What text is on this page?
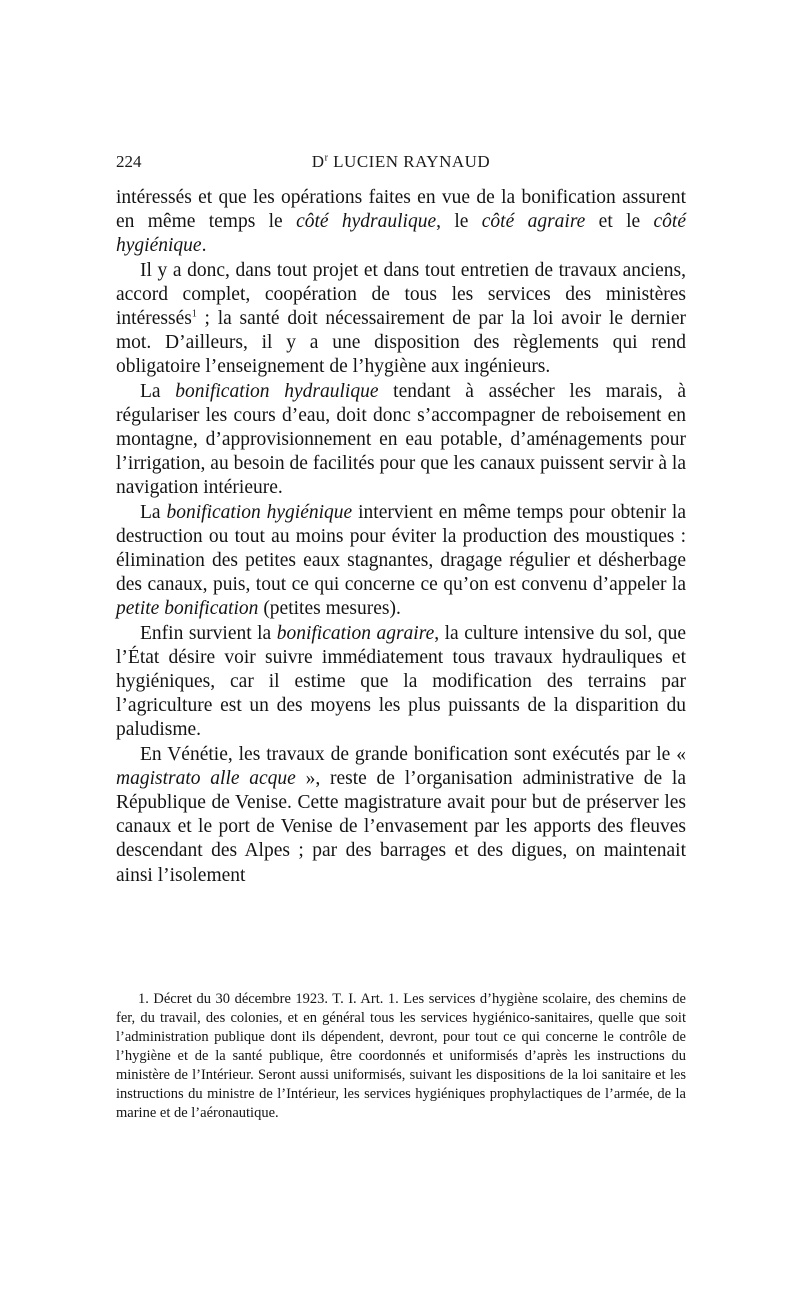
224	$D^r$ LUCIEN RAYNAUD

intéressés et que les opérations faites en vue de la bonification assurent en même temps le côté hydraulique, le côté agraire et le côté hygiénique.

Il y a donc, dans tout projet et dans tout entretien de travaux anciens, accord complet, coopération de tous les services des ministères intéressés$^1$ ; la santé doit nécessairement de par la loi avoir le dernier mot. D’ailleurs, il y a une disposition des règlements qui rend obligatoire l’enseignement de l’hygiène aux ingénieurs.

La bonification hydraulique tendant à assécher les marais, à régulariser les cours d’eau, doit donc s’accompagner de reboisement en montagne, d’approvisionnement en eau potable, d’aménagements pour l’irrigation, au besoin de facilités pour que les canaux puissent servir à la navigation intérieure.

La bonification hygiénique intervient en même temps pour obtenir la destruction ou tout au moins pour éviter la production des moustiques : élimination des petites eaux stagnantes, dragage régulier et désherbage des canaux, puis, tout ce qui concerne ce qu’on est convenu d’appeler la petite bonification (petites mesures).

Enfin survient la bonification agraire, la culture intensive du sol, que l’État désire voir suivre immédiatement tous travaux hydrauliques et hygiéniques, car il estime que la modification des terrains par l’agriculture est un des moyens les plus puissants de la disparition du paludisme.

En Vénétie, les travaux de grande bonification sont exécutés par le « magistrato alle acque », reste de l’organisation administrative de la République de Venise. Cette magistrature avait pour but de préserver les canaux et le port de Venise de l’envasement par les apports des fleuves descendant des Alpes ; par des barrages et des digues, on maintenait ainsi l’isolement

1. Décret du 30 décembre 1923. T. I. Art. 1. Les services d’hygiène scolaire, des chemins de fer, du travail, des colonies, et en général tous les services hygiénico-sanitaires, quelle que soit l’administration publique dont ils dépendent, devront, pour tout ce qui concerne le contrôle de l’hygiène et de la santé publique, être coordonnés et uniformisés d’après les instructions du ministère de l’Intérieur. Seront aussi uniformisés, suivant les dispositions de la loi sanitaire et les instructions du ministre de l’Intérieur, les services hygiéniques prophylactiques de l’armée, de la marine et de l’aéronautique.
